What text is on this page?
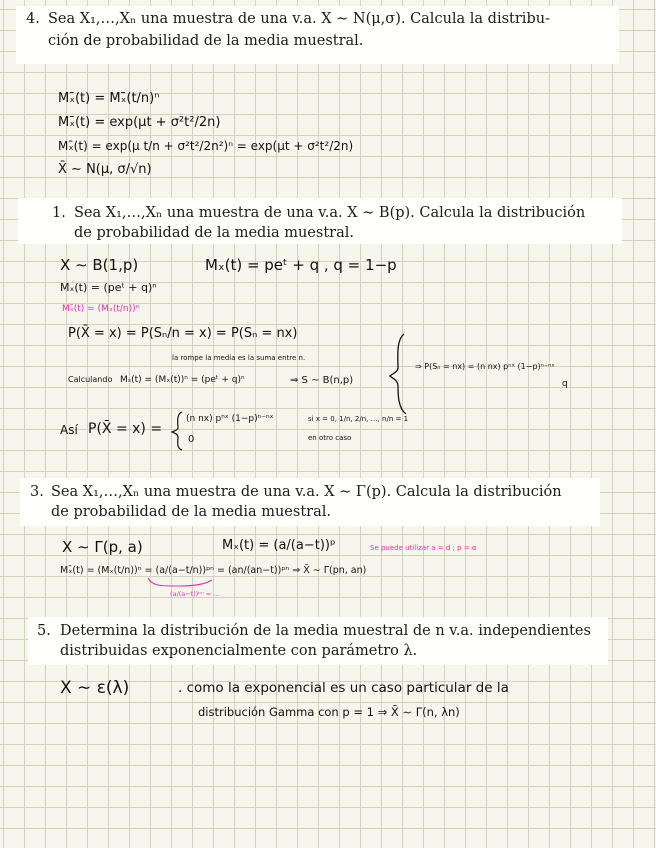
4. Sea X₁,…,Xₙ una muestra de una v.a. X ∼ N(μ,σ). Calcula la distribu-
ción de probabilidad de la media muestral.
Mₓ̄(t) = Mₓ̄(t/n)ⁿ
Mₓ̄(t) = exp(μt + σ²t²/2n)
Mₓ̄(t) = exp(μ t/n + σ²t²/2n²)ⁿ = exp(μt + σ²t²/2n)
X̄ ∼ N(μ, σ/√n)
1. Sea X₁,…,Xₙ una muestra de una v.a. X ∼ B(p). Calcula la distribución
de probabilidad de la media muestral.
X ∼ B(1,p)	Mₓ(t) = peᵗ + q , q = 1−p
Mₓ(t) = (peᵗ + q)ⁿ
Mₓ̄(t) = (Mₓ(t/n))ⁿ
P(X̄ = x) = P(Sₙ/n = x) = P(Sₙ = nx)
la rompe la media es la suma entre n.
Calculando Mₛ(t) = (Mₓ(t))ⁿ = (peᵗ + q)ⁿ	⇒ S ∼ B(n,p)
⇒ P(Sₙ = nx) = (n nx) pⁿˣ (1−p)ⁿ⁻ⁿˣ
q
Así P(X̄ = x) =
(n nx) pⁿˣ (1−p)ⁿ⁻ⁿˣ	si x = 0, 1/n, 2/n, …, n/n = 1
0	en otro caso
3. Sea X₁,…,Xₙ una muestra de una v.a. X ∼ Γ(p). Calcula la distribución
de probabilidad de la media muestral.
X ∼ Γ(p, a)	Mₓ(t) = (a/(a−t))ᵖ	Se puede utilizar a = d ; p = α
Mₓ̄(t) = (Mₓ(t/n))ⁿ = (a/(a−t/n))ᵖⁿ = (an/(an−t))ᵖⁿ ⇒ X̄ ∼ Γ(pn, an)
(a/(a−t))ᵖⁿ = ...
5. Determina la distribución de la media muestral de n v.a. independientes
distribuidas exponencialmente con parámetro λ.
X ∼ ε(λ)	. como la exponencial es un caso particular de la
distribución Gamma con p = 1 ⇒ X̄ ∼ Γ(n, λn)
